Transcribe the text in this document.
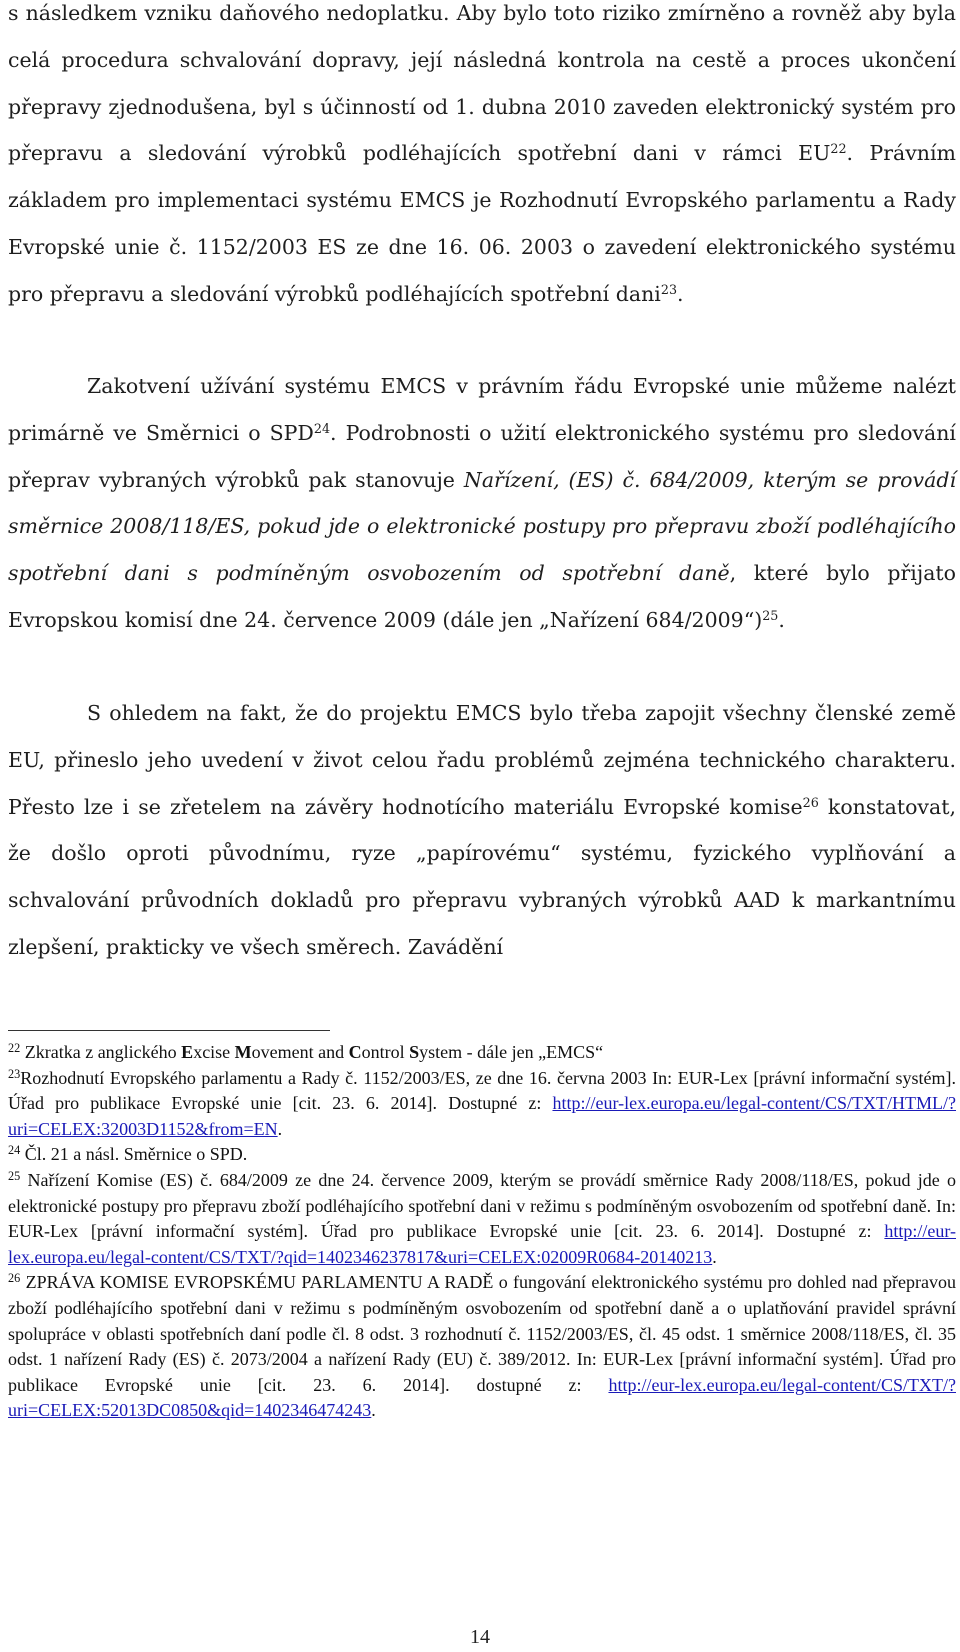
s následkem vzniku daňového nedoplatku. Aby bylo toto riziko zmírněno a rovněž aby byla celá procedura schvalování dopravy, její následná kontrola na cestě a proces ukončení přepravy zjednodušena, byl s účinností od 1. dubna 2010 zaveden elektronický systém pro přepravu a sledování výrobků podléhajících spotřební dani v rámci EU$^{22}$. Právním základem pro implementaci systému EMCS je Rozhodnutí Evropského parlamentu a Rady Evropské unie č. 1152/2003 ES ze dne 16. 06. 2003 o zavedení elektronického systému pro přepravu a sledování výrobků podléhajících spotřební dani$^{23}$.

Zakotvení užívání systému EMCS v právním řádu Evropské unie můžeme nalézt primárně ve Směrnici o SPD$^{24}$. Podrobnosti o užití elektronického systému pro sledování přeprav vybraných výrobků pak stanovuje Nařízení, (ES) č. 684/2009, kterým se provádí směrnice 2008/118/ES, pokud jde o elektronické postupy pro přepravu zboží podléhajícího spotřební dani s podmíněným osvobozením od spotřební daně, které bylo přijato Evropskou komisí dne 24. července 2009 (dále jen „Nařízení 684/2009“)$^{25}$.

S ohledem na fakt, že do projektu EMCS bylo třeba zapojit všechny členské země EU, přineslo jeho uvedení v život celou řadu problémů zejména technického charakteru. Přesto lze i se zřetelem na závěry hodnotícího materiálu Evropské komise$^{26}$ konstatovat, že došlo oproti původnímu, ryze „papírovému“ systému, fyzického vyplňování a schvalování průvodních dokladů pro přepravu vybraných výrobků AAD k markantnímu zlepšení, prakticky ve všech směrech. Zavádění

$^{22}$ Zkratka z anglického Excise Movement and Control System - dále jen „EMCS“

$^{23}$Rozhodnutí Evropského parlamentu a Rady č. 1152/2003/ES, ze dne 16. června 2003 In: EUR-Lex [právní informační systém]. Úřad pro publikace Evropské unie [cit. 23. 6. 2014]. Dostupné z: http://eur-lex.europa.eu/legal-content/CS/TXT/HTML/?uri=CELEX:32003D1152&from=EN.

$^{24}$ Čl. 21 a násl. Směrnice o SPD.

$^{25}$ Nařízení Komise (ES) č. 684/2009 ze dne 24. července 2009, kterým se provádí směrnice Rady 2008/118/ES, pokud jde o elektronické postupy pro přepravu zboží podléhajícího spotřební dani v režimu s podmíněným osvobozením od spotřební daně. In: EUR-Lex [právní informační systém]. Úřad pro publikace Evropské unie [cit. 23. 6. 2014]. Dostupné z: http://eur-lex.europa.eu/legal-content/CS/TXT/?qid=1402346237817&uri=CELEX:02009R0684-20140213.

$^{26}$ ZPRÁVA KOMISE EVROPSKÉMU PARLAMENTU A RADĚ o fungování elektronického systému pro dohled nad přepravou zboží podléhajícího spotřební dani v režimu s podmíněným osvobozením od spotřební daně a o uplatňování pravidel správní spolupráce v oblasti spotřebních daní podle čl. 8 odst. 3 rozhodnutí č. 1152/2003/ES, čl. 45 odst. 1 směrnice 2008/118/ES, čl. 35 odst. 1 nařízení Rady (ES) č. 2073/2004 a nařízení Rady (EU) č. 389/2012. In: EUR-Lex [právní informační systém]. Úřad pro publikace Evropské unie [cit. 23. 6. 2014]. dostupné z: http://eur-lex.europa.eu/legal-content/CS/TXT/?uri=CELEX:52013DC0850&qid=1402346474243.

14
